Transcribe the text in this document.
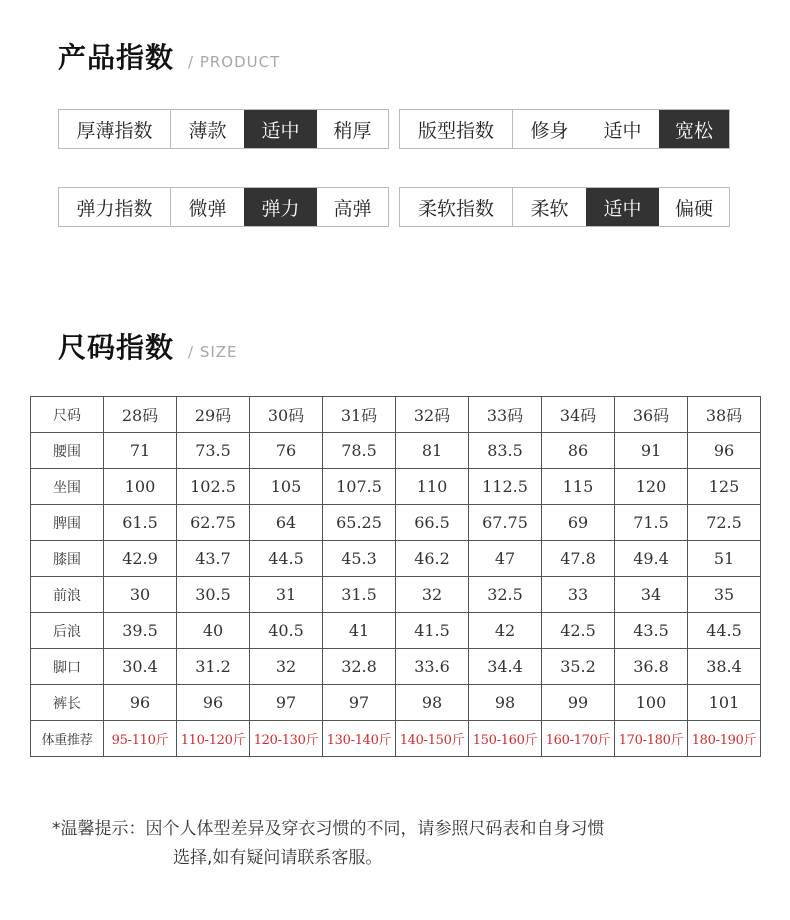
产品指数 / PRODUCT
厚薄指数	薄款	适中	稍厚	版型指数	修身	适中	宽松
弹力指数	微弹	弹力	高弹	柔软指数	柔软	适中	偏硬
尺码指数 / SIZE
尺码	28码	29码	30码	31码	32码	33码	34码	36码	38码
腰围	71	73.5	76	78.5	81	83.5	86	91	96
坐围	100	102.5	105	107.5	110	112.5	115	120	125
脾围	61.5	62.75	64	65.25	66.5	67.75	69	71.5	72.5
膝围	42.9	43.7	44.5	45.3	46.2	47	47.8	49.4	51
前浪	30	30.5	31	31.5	32	32.5	33	34	35
后浪	39.5	40	40.5	41	41.5	42	42.5	43.5	44.5
脚口	30.4	31.2	32	32.8	33.6	34.4	35.2	36.8	38.4
裤长	96	96	97	97	98	98	99	100	101
体重推荐	95-110斤	110-120斤	120-130斤	130-140斤	140-150斤	150-160斤	160-170斤	170-180斤	180-190斤
*温馨提示：因个人体型差异及穿衣习惯的不同，请参照尺码表和自身习惯
选择,如有疑问请联系客服。
